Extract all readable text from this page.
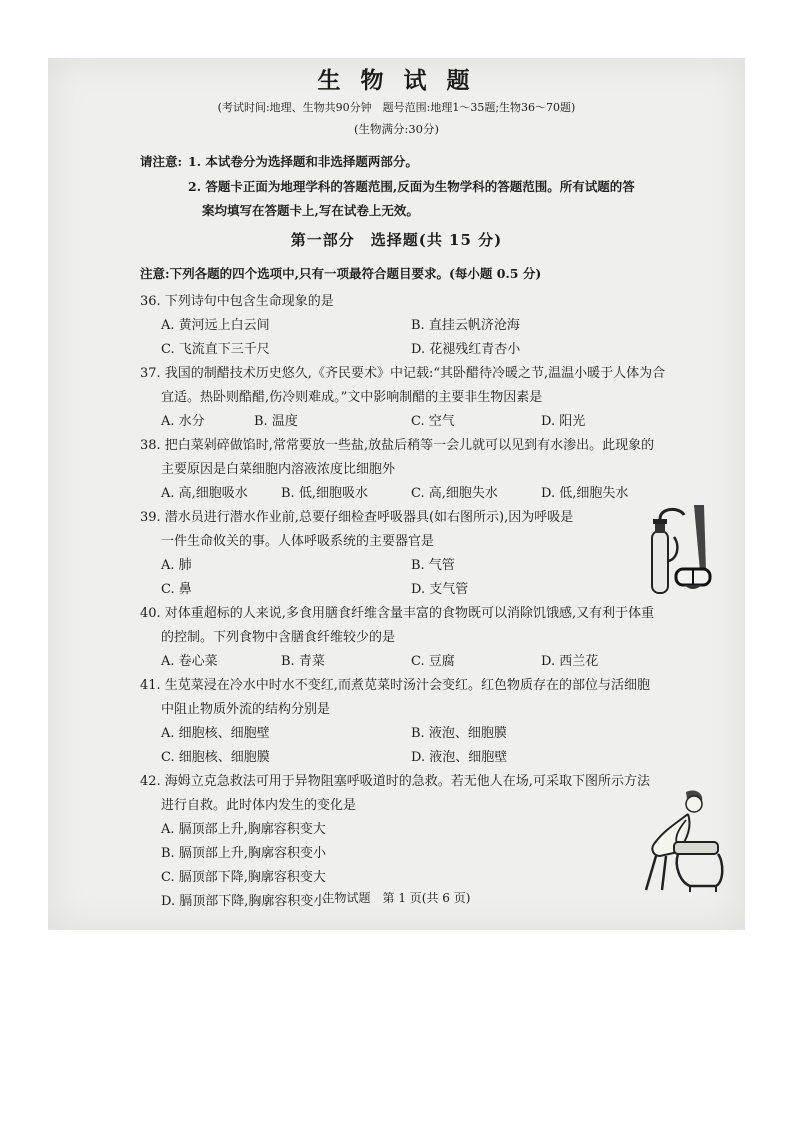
生 物 试 题
(考试时间:地理、生物共90分钟　题号范围:地理1～35题;生物36～70题)
(生物满分:30分)
请注意: 1. 本试卷分为选择题和非选择题两部分。
2. 答题卡正面为地理学科的答题范围,反面为生物学科的答题范围。所有试题的答
案均填写在答题卡上,写在试卷上无效。
第一部分　选择题(共 15 分)
注意:下列各题的四个选项中,只有一项最符合题目要求。(每小题 0.5 分)
36. 下列诗句中包含生命现象的是
A. 黄河远上白云间	B. 直挂云帆济沧海
C. 飞流直下三千尺	D. 花褪残红青杏小
37. 我国的制醋技术历史悠久,《齐民要术》中记载:“其卧醋待冷暖之节,温温小暖于人体为合
宜适。热卧则酷醋,伤冷则难成。”文中影响制醋的主要非生物因素是
A. 水分	B. 温度	C. 空气	D. 阳光
38. 把白菜剁碎做馅时,常常要放一些盐,放盐后稍等一会儿就可以见到有水渗出。此现象的
主要原因是白菜细胞内溶液浓度比细胞外
A. 高,细胞吸水	B. 低,细胞吸水	C. 高,细胞失水	D. 低,细胞失水
39. 潜水员进行潜水作业前,总要仔细检查呼吸器具(如右图所示),因为呼吸是
一件生命攸关的事。人体呼吸系统的主要器官是
A. 肺	B. 气管
C. 鼻	D. 支气管
40. 对体重超标的人来说,多食用膳食纤维含量丰富的食物既可以消除饥饿感,又有利于体重
的控制。下列食物中含膳食纤维较少的是
A. 卷心菜	B. 青菜	C. 豆腐	D. 西兰花
41. 生苋菜浸在冷水中时水不变红,而煮苋菜时汤汁会变红。红色物质存在的部位与活细胞
中阻止物质外流的结构分别是
A. 细胞核、细胞壁	B. 液泡、细胞膜
C. 细胞核、细胞膜	D. 液泡、细胞壁
42. 海姆立克急救法可用于异物阻塞呼吸道时的急救。若无他人在场,可采取下图所示方法
进行自救。此时体内发生的变化是
A. 膈顶部上升,胸廓容积变大
B. 膈顶部上升,胸廓容积变小
C. 膈顶部下降,胸廓容积变大
D. 膈顶部下降,胸廓容积变小
生物试题　第 1 页(共 6 页)
